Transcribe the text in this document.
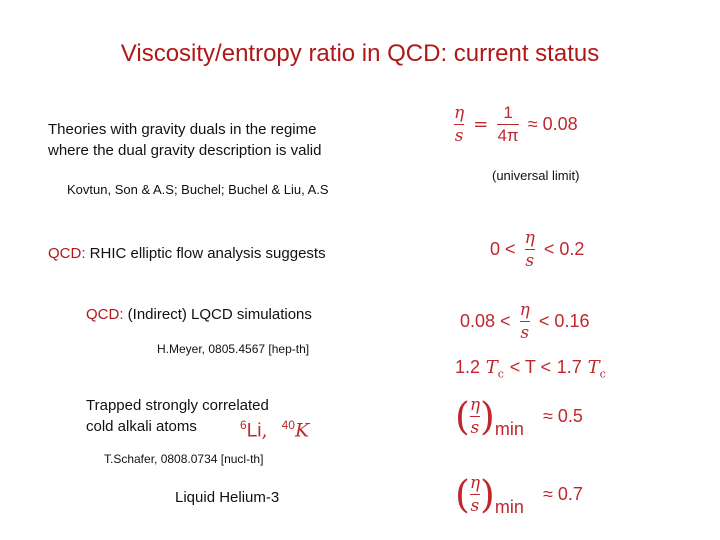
Viscosity/entropy ratio in QCD: current status
Theories with gravity duals in the regime
where the dual gravity description is valid
Kovtun, Son & A.S; Buchel; Buchel & Liu, A.S
QCD: RHIC elliptic flow analysis suggests
QCD: (Indirect) LQCD simulations
H.Meyer, 0805.4567 [hep-th]
Trapped strongly correlated
cold alkali atoms	$^6$Li, $^{40}$K
T.Schafer, 0808.0734 [nucl-th]
Liquid Helium-3
$\frac{\eta}{s} = \frac{1}{4\pi} \approx 0.08$
(universal limit)
$0 < \frac{\eta}{s} < 0.2$
$0.08 < \frac{\eta}{s} < 0.16$
1.2 $T_c < T < 1.7$ $T_c$
( $\frac{\eta}{s} )\min \approx 0.5$
( $\frac{\eta}{s} )\min \approx 0.7$
